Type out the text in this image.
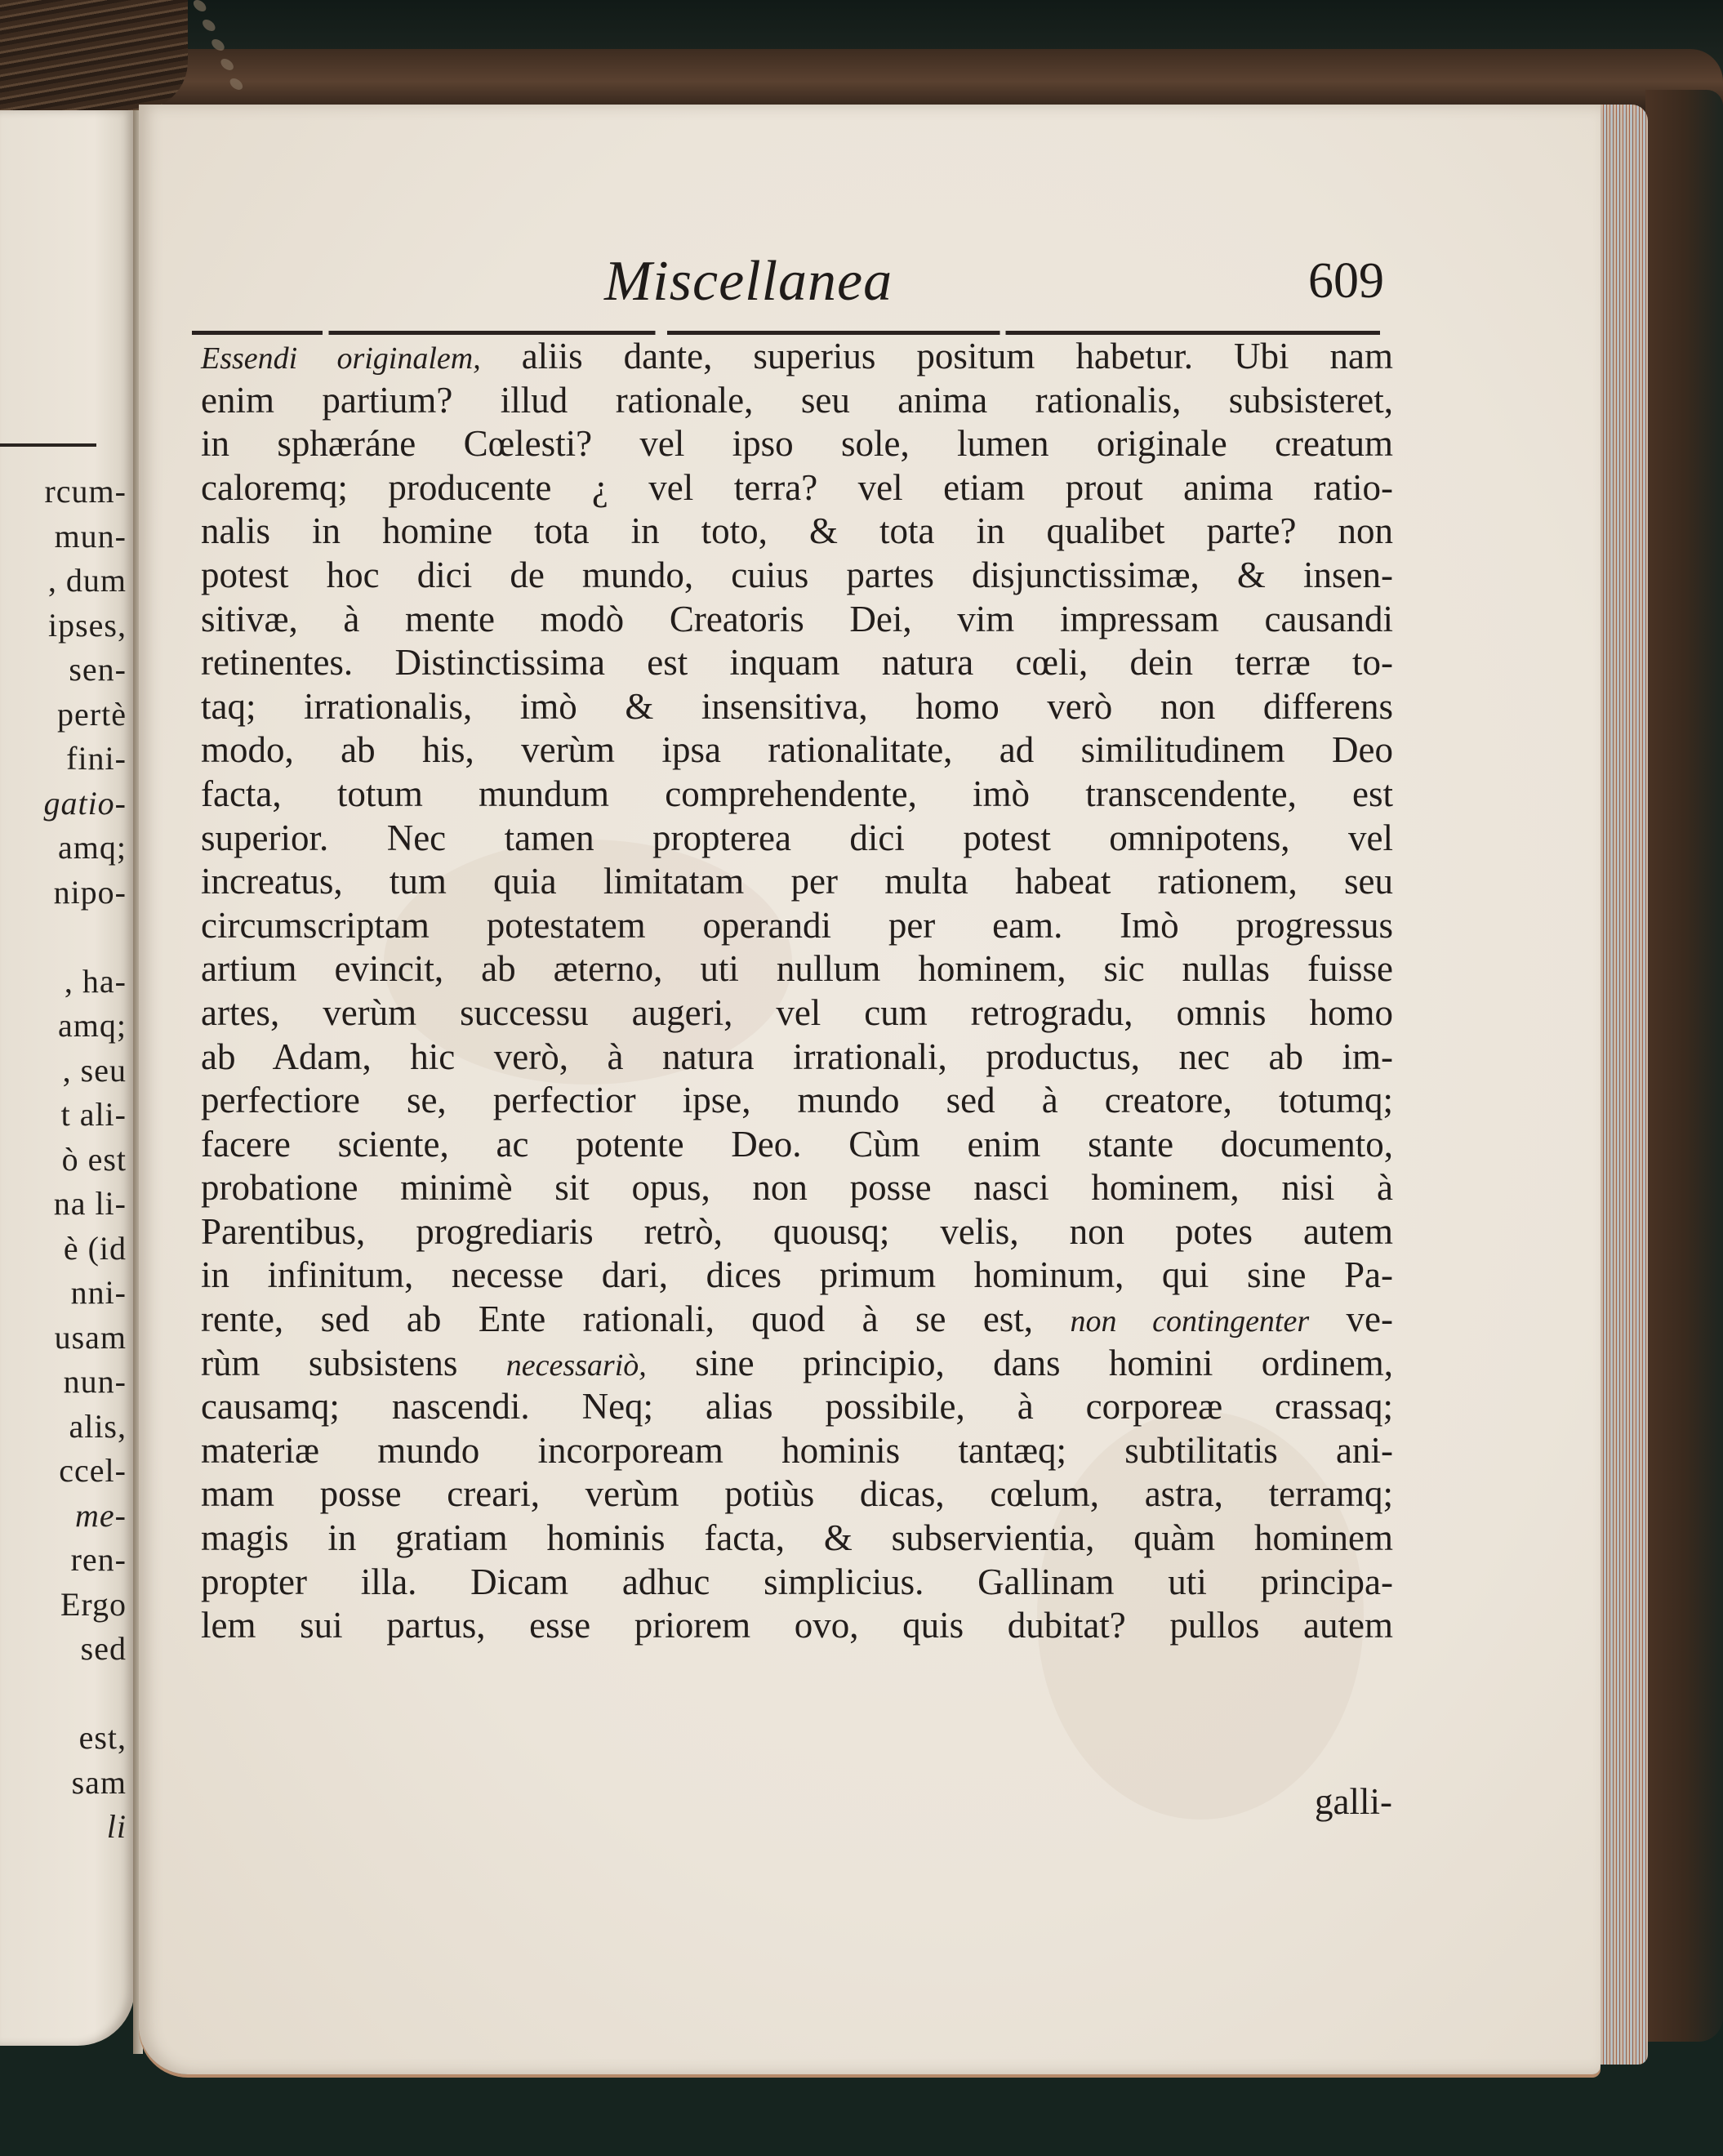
rcum-
mun-
, dum
ipses,
sen-
pertè
fini-
gatio-
amq;
nipo-

, ha-
amq;
, seu
t ali-
ò est
na li-
è (id
nni-
usam
nun-
alis,
ccel-
me-
ren-
Ergo
sed

est,
sam
li
Miscellanea	609
Essendi originalem, aliis dante, superius positum habetur. Ubi nam
enim partium? illud rationale, seu anima rationalis, subsisteret,
in sphæráne Cœlesti? vel ipso sole, lumen originale creatum
caloremq; producente ¿ vel terra? vel etiam prout anima ratio-
nalis in homine tota in toto, & tota in qualibet parte? non
potest hoc dici de mundo, cuius partes disjunctissimæ, & insen-
sitivæ, à mente modò Creatoris Dei, vim impressam causandi
retinentes. Distinctissima est inquam natura cœli, dein terræ to-
taq; irrationalis, imò & insensitiva, homo verò non differens
modo, ab his, verùm ipsa rationalitate, ad similitudinem Deo
facta, totum mundum comprehendente, imò transcendente, est
superior. Nec tamen propterea dici potest omnipotens, vel
increatus, tum quia limitatam per multa habeat rationem, seu
circumscriptam potestatem operandi per eam. Imò progressus
artium evincit, ab æterno, uti nullum hominem, sic nullas fuisse
artes, verùm successu augeri, vel cum retrogradu, omnis homo
ab Adam, hic verò, à natura irrationali, productus, nec ab im-
perfectiore se, perfectior ipse, mundo sed à creatore, totumq;
facere sciente, ac potente Deo. Cùm enim stante documento,
probatione minimè sit opus, non posse nasci hominem, nisi à
Parentibus, progrediaris retrò, quousq; velis, non potes autem
in infinitum, necesse dari, dices primum hominum, qui sine Pa-
rente, sed ab Ente rationali, quod à se est, non contingenter ve-
rùm subsistens necessariò, sine principio, dans homini ordinem,
causamq; nascendi. Neq; alias possibile, à corporeæ crassaq;
materiæ mundo incorpoream hominis tantæq; subtilitatis ani-
mam posse creari, verùm potiùs dicas, cœlum, astra, terramq;
magis in gratiam hominis facta, & subservientia, quàm hominem
propter illa. Dicam adhuc simplicius. Gallinam uti principa-
lem sui partus, esse priorem ovo, quis dubitat? pullos autem
galli-
